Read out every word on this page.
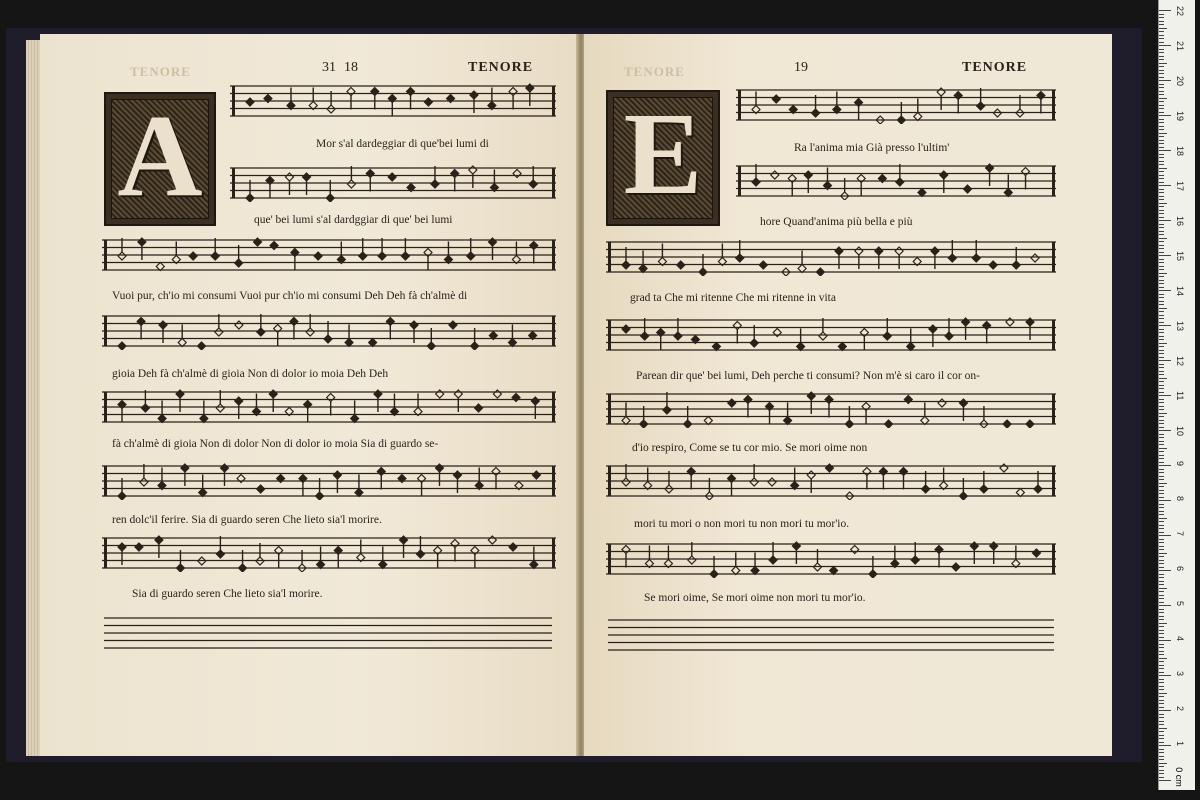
TENORE	31 18	TENORE
A	Mor s'al dardeggiar di que'bei lumi di
que' bei lumi s'al dardggiar di que' bei lumi
Vuoi pur, ch'io mi consumi Vuoi pur ch'io mi consumi Deh Deh fà ch'almè di
gioia Deh fà ch'almè di gioia Non di dolor io moia Deh Deh
fà ch'almè di gioia Non di dolor Non di dolor io moia Sia di guardo se-
ren dolc'il ferire. Sia di guardo seren Che lieto sia'l morire.
Sia di guardo seren Che lieto sia'l morire.
TENORE	19	TENORE
E	Ra l'anima mia Già presso l'ultim'
hore Quand'anima più bella e più
grad ta Che mi ritenne Che mi ritenne in vita
Parean dir que' bei lumi, Deh perche ti consumi? Non m'è si caro il cor on-
d'io respiro, Come se tu cor mio. Se mori oime non
mori tu mori o non mori tu non mori tu mor'io.
Se mori oime, Se mori oime non mori tu mor'io.
0 cm
1
2
3
4
5
6
7
8
9
10
11
12
13
14
15
16
17
18
19
20
21
22
